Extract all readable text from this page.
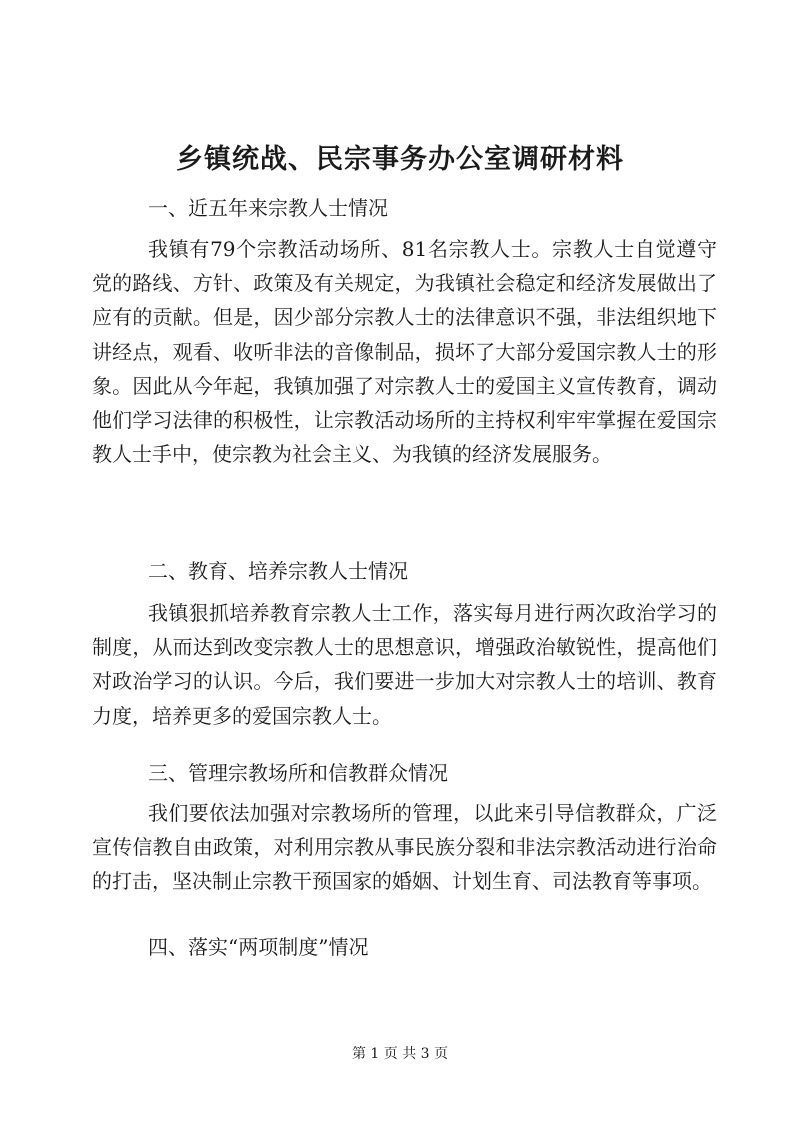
乡镇统战、民宗事务办公室调研材料

一、近五年来宗教人士情况

我镇有79个宗教活动场所、81名宗教人士。宗教人士自觉遵守党的路线、方针、政策及有关规定，为我镇社会稳定和经济发展做出了应有的贡献。但是，因少部分宗教人士的法律意识不强，非法组织地下讲经点，观看、收听非法的音像制品，损坏了大部分爱国宗教人士的形象。因此从今年起，我镇加强了对宗教人士的爱国主义宣传教育，调动他们学习法律的积极性，让宗教活动场所的主持权利牢牢掌握在爱国宗教人士手中，使宗教为社会主义、为我镇的经济发展服务。

二、教育、培养宗教人士情况

我镇狠抓培养教育宗教人士工作，落实每月进行两次政治学习的制度，从而达到改变宗教人士的思想意识，增强政治敏锐性，提高他们对政治学习的认识。今后，我们要进一步加大对宗教人士的培训、教育力度，培养更多的爱国宗教人士。

三、管理宗教场所和信教群众情况

我们要依法加强对宗教场所的管理，以此来引导信教群众，广泛宣传信教自由政策，对利用宗教从事民族分裂和非法宗教活动进行治命的打击，坚决制止宗教干预国家的婚姻、计划生育、司法教育等事项。

四、落实“两项制度”情况

第 1 页 共 3 页
